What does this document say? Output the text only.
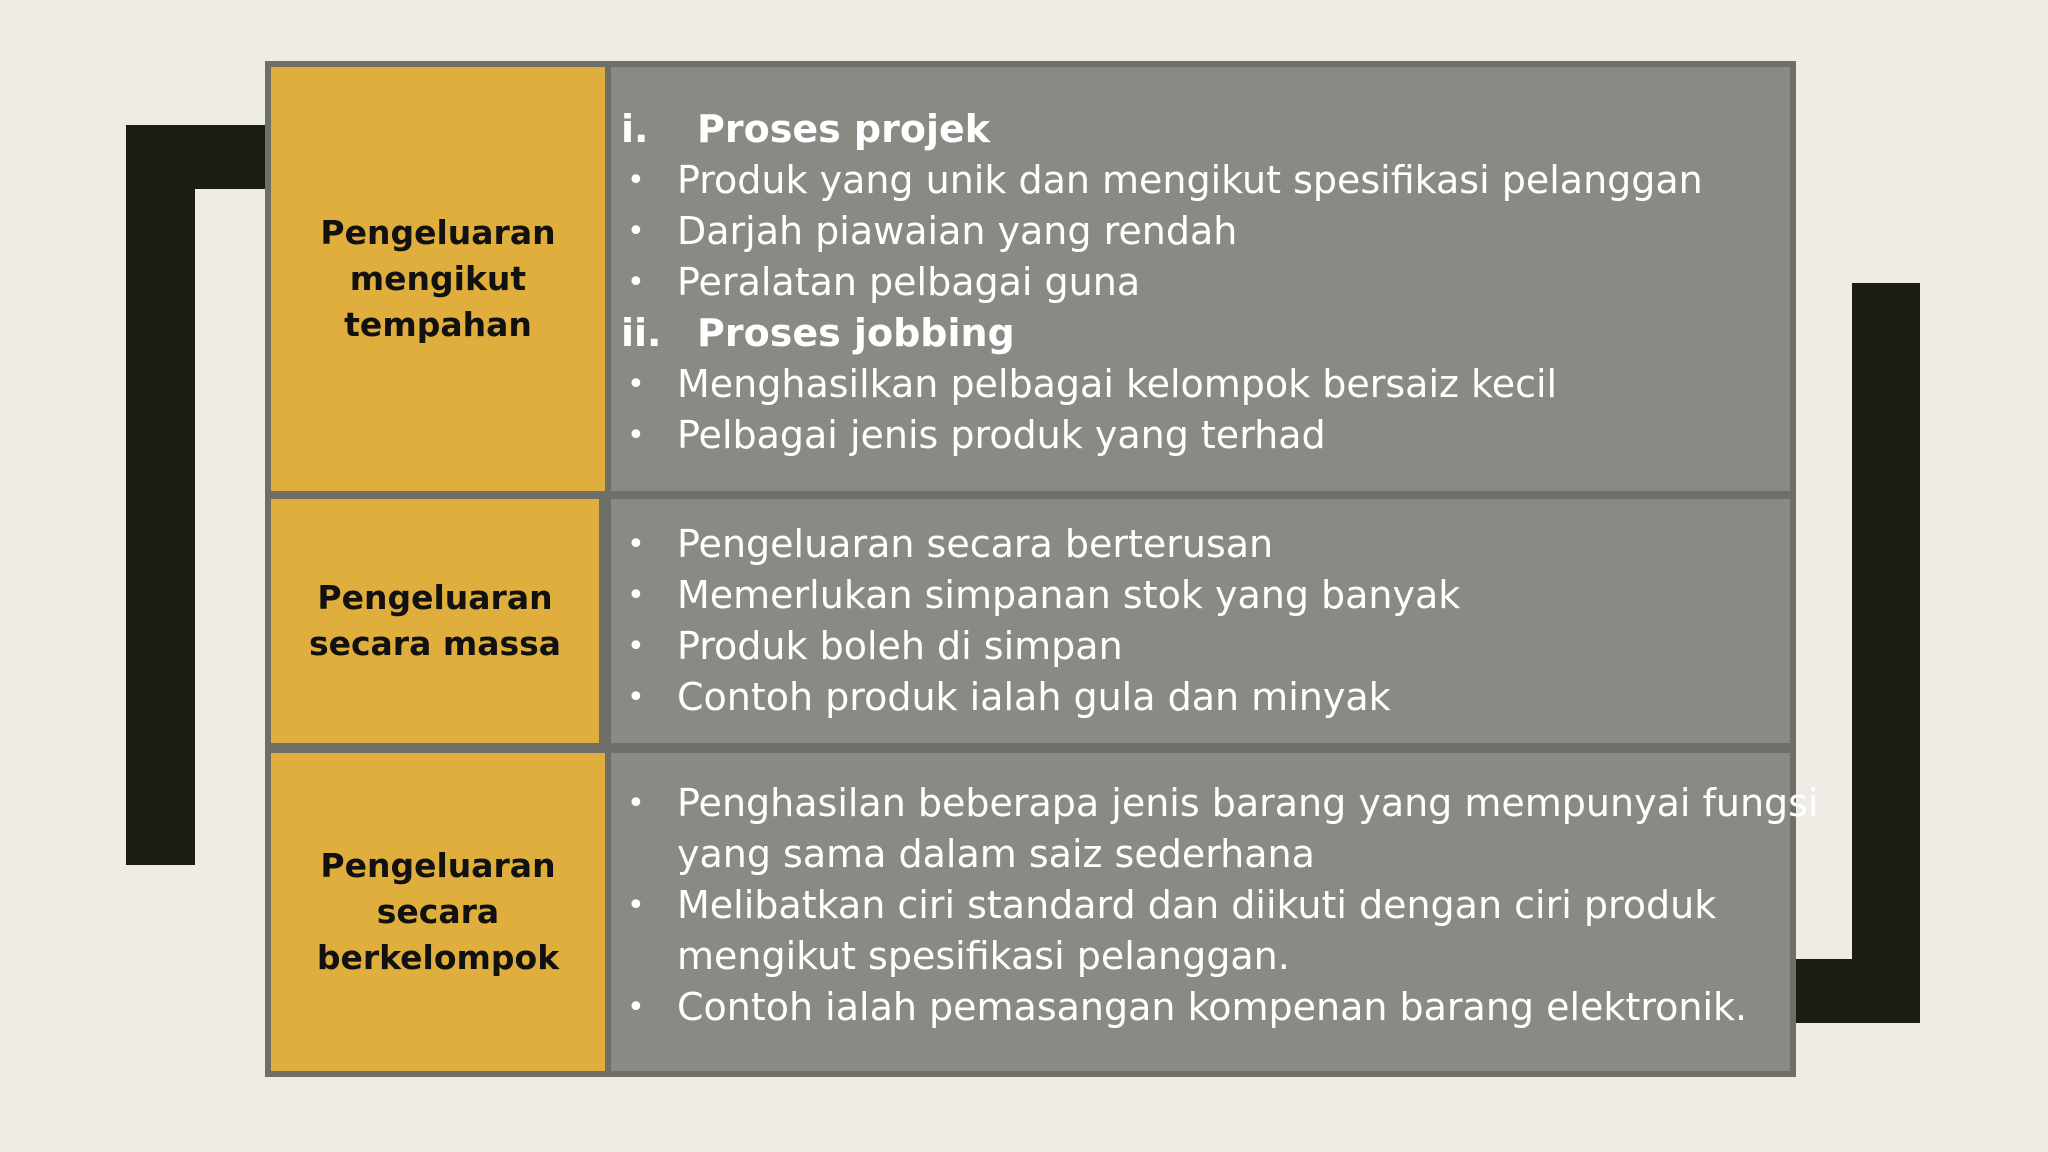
Pengeluaran
mengikut
tempahan
i. Proses projek
• Produk yang unik dan mengikut spesifikasi pelanggan
• Darjah piawaian yang rendah
• Peralatan pelbagai guna
ii. Proses jobbing
• Menghasilkan pelbagai kelompok bersaiz kecil
• Pelbagai jenis produk yang terhad
Pengeluaran
secara massa
• Pengeluaran secara berterusan
• Memerlukan simpanan stok yang banyak
• Produk boleh di simpan
• Contoh produk ialah gula dan minyak
Pengeluaran
secara
berkelompok
• Penghasilan beberapa jenis barang yang mempunyai fungsi
yang sama dalam saiz sederhana
• Melibatkan ciri standard dan diikuti dengan ciri produk
mengikut spesifikasi pelanggan.
• Contoh ialah pemasangan kompenan barang elektronik.
